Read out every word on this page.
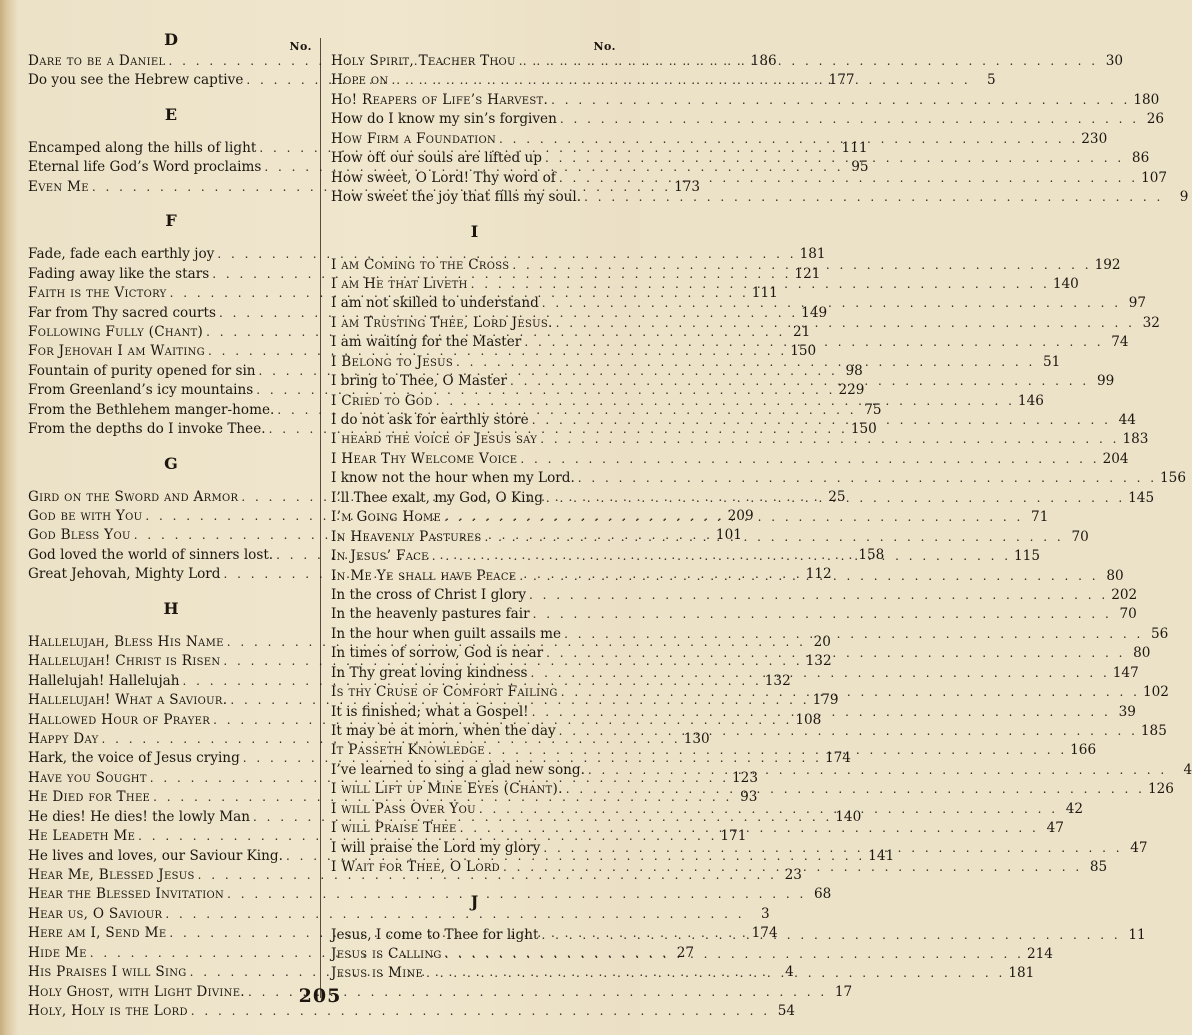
D	No.
Dare to be a Daniel . . .	186
Do you see the Hebrew captive . . .	177
E
Encamped along the hills of light . . .	111
Eternal life God’s Word proclaims . . .	95
Even Me . . .	173
F
Fade, fade each earthly joy . . .	181
Fading away like the stars . . .	121
Faith is the Victory . . .	111
Far from Thy sacred courts . . .	149
Following Fully (Chant) . . .	21
For Jehovah I am Waiting . . .	150
Fountain of purity opened for sin . . .	98
From Greenland’s icy mountains . . .	229
From the Bethlehem manger-home. . . .	75
From the depths do I invoke Thee. . . .	150
G
Gird on the Sword and Armor . . .	25
God be with You . . .	209
God Bless You . . .	101
God loved the world of sinners lost. . . .	158
Great Jehovah, Mighty Lord . . .	112
H
Hallelujah, Bless His Name . . .	20
Hallelujah! Christ is Risen . . .	132
Hallelujah! Hallelujah . . .	132
Hallelujah! What a Saviour. . . .	179
Hallowed Hour of Prayer . . .	108
Happy Day . . .	130
Hark, the voice of Jesus crying . . .	174
Have you Sought . . .	123
He Died for Thee . . .	93
He dies! He dies! the lowly Man . . .	140
He Leadeth Me . . .	171
He lives and loves, our Saviour King. . . .	141
Hear Me, Blessed Jesus . . .	23
Hear the Blessed Invitation . . .	68
Hear us, O Saviour . . .	3
Here am I, Send Me . . .	174
Hide Me . . .	27
His Praises I will Sing . . .	4
Holy Ghost, with Light Divine. . . .	17
Holy, Holy is the Lord . . .	54
No.
Holy Spirit, Teacher Thou . . .	30
Hope on . . .	5
Ho! Reapers of Life’s Harvest. . . .	180
How do I know my sin’s forgiven . . .	26
How Firm a Foundation . . .	230
How oft our souls are lifted up . . .	86
How sweet, O Lord! Thy word of . . .	107
How sweet the joy that fills my soul. . . .	9
I
I am Coming to the Cross . . .	192
I am He that Liveth . . .	140
I am not skilled to understand . . .	97
I am Trusting Thee, Lord Jesus. . . .	32
I am waiting for the Master . . .	74
I Belong to Jesus . . .	51
I bring to Thee, O Master . . .	99
I Cried to God . . .	146
I do not ask for earthly store . . .	44
I heard the voice of Jesus say . . .	183
I Hear Thy Welcome Voice . . .	204
I know not the hour when my Lord. . . .	156
I’ll Thee exalt, my God, O King . . .	145
I’m Going Home . . .	71
In Heavenly Pastures . . .	70
In Jesus’ Face . . .	115
In Me Ye shall have Peace . . .	80
In the cross of Christ I glory . . .	202
In the heavenly pastures fair . . .	70
In the hour when guilt assails me . . .	56
In times of sorrow, God is near . . .	80
In Thy great loving kindness . . .	147
Is thy Cruse of Comfort Failing . . .	102
It is finished; what a Gospel! . . .	39
It may be at morn, when the day . . .	185
It Passeth Knowledge . . .	166
I’ve learned to sing a glad new song. . . .	4
I will Lift up Mine Eyes (Chant). . . .	126
I will Pass Over You . . .	42
I will Praise Thee . . .	47
I will praise the Lord my glory . . .	47
I Wait for Thee, O Lord . . .	85
J
Jesus, I come to Thee for light . . .	11
Jesus is Calling . . .	214
Jesus is Mine . . .	181
205
